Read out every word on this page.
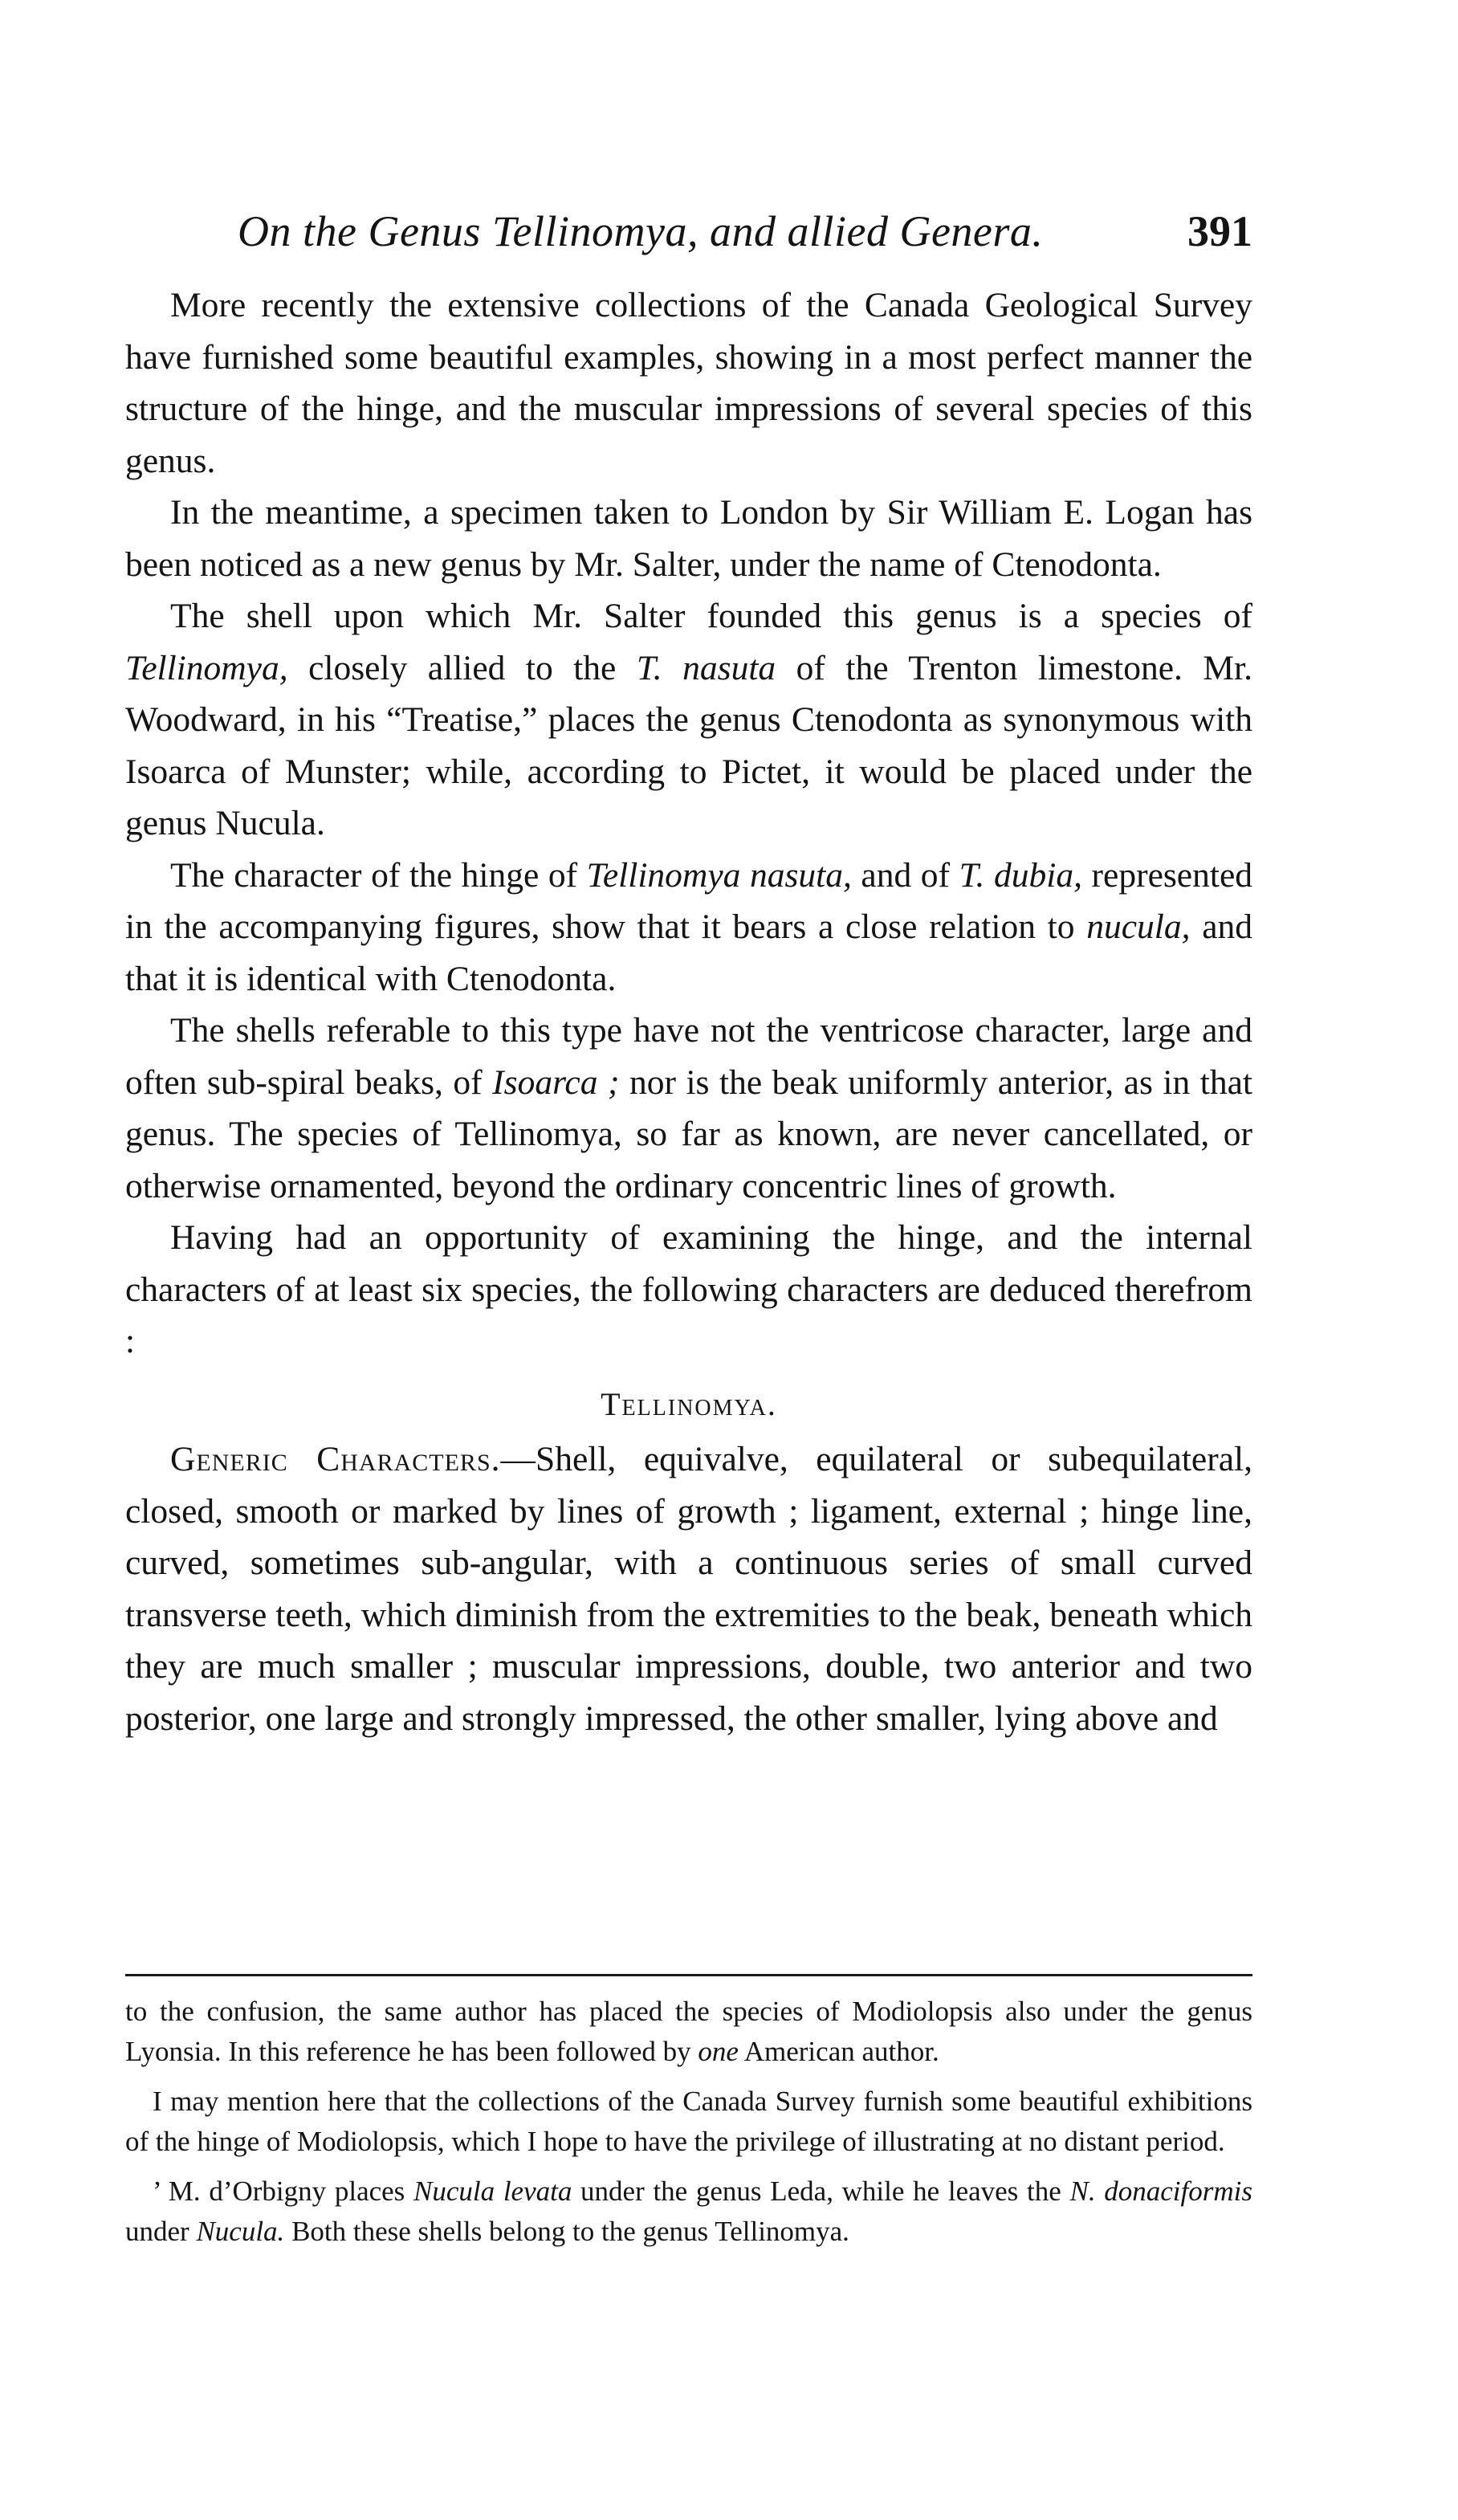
On the Genus Tellinomya, and allied Genera.	391

More recently the extensive collections of the Canada Geological Survey have furnished some beautiful examples, showing in a most perfect manner the structure of the hinge, and the muscular impressions of several species of this genus.

In the meantime, a specimen taken to London by Sir William E. Logan has been noticed as a new genus by Mr. Salter, under the name of Ctenodonta.

The shell upon which Mr. Salter founded this genus is a species of Tellinomya, closely allied to the T. nasuta of the Trenton limestone. Mr. Woodward, in his “Treatise,” places the genus Ctenodonta as synonymous with Isoarca of Munster; while, according to Pictet, it would be placed under the genus Nucula.

The character of the hinge of Tellinomya nasuta, and of T. dubia, represented in the accompanying figures, show that it bears a close relation to nucula, and that it is identical with Ctenodonta.

The shells referable to this type have not the ventricose character, large and often sub-spiral beaks, of Isoarca ; nor is the beak uniformly anterior, as in that genus. The species of Tellinomya, so far as known, are never cancellated, or otherwise ornamented, beyond the ordinary concentric lines of growth.

Having had an opportunity of examining the hinge, and the internal characters of at least six species, the following characters are deduced therefrom :

Tellinomya.

Generic Characters.—Shell, equivalve, equilateral or subequilateral, closed, smooth or marked by lines of growth ; ligament, external ; hinge line, curved, sometimes sub-angular, with a continuous series of small curved transverse teeth, which diminish from the extremities to the beak, beneath which they are much smaller ; muscular impressions, double, two anterior and two posterior, one large and strongly impressed, the other smaller, lying above and

to the confusion, the same author has placed the species of Modiolopsis also under the genus Lyonsia. In this reference he has been followed by one American author.

I may mention here that the collections of the Canada Survey furnish some beautiful exhibitions of the hinge of Modiolopsis, which I hope to have the privilege of illustrating at no distant period.

’ M. d’Orbigny places Nucula levata under the genus Leda, while he leaves the N. donaciformis under Nucula. Both these shells belong to the genus Tellinomya.
